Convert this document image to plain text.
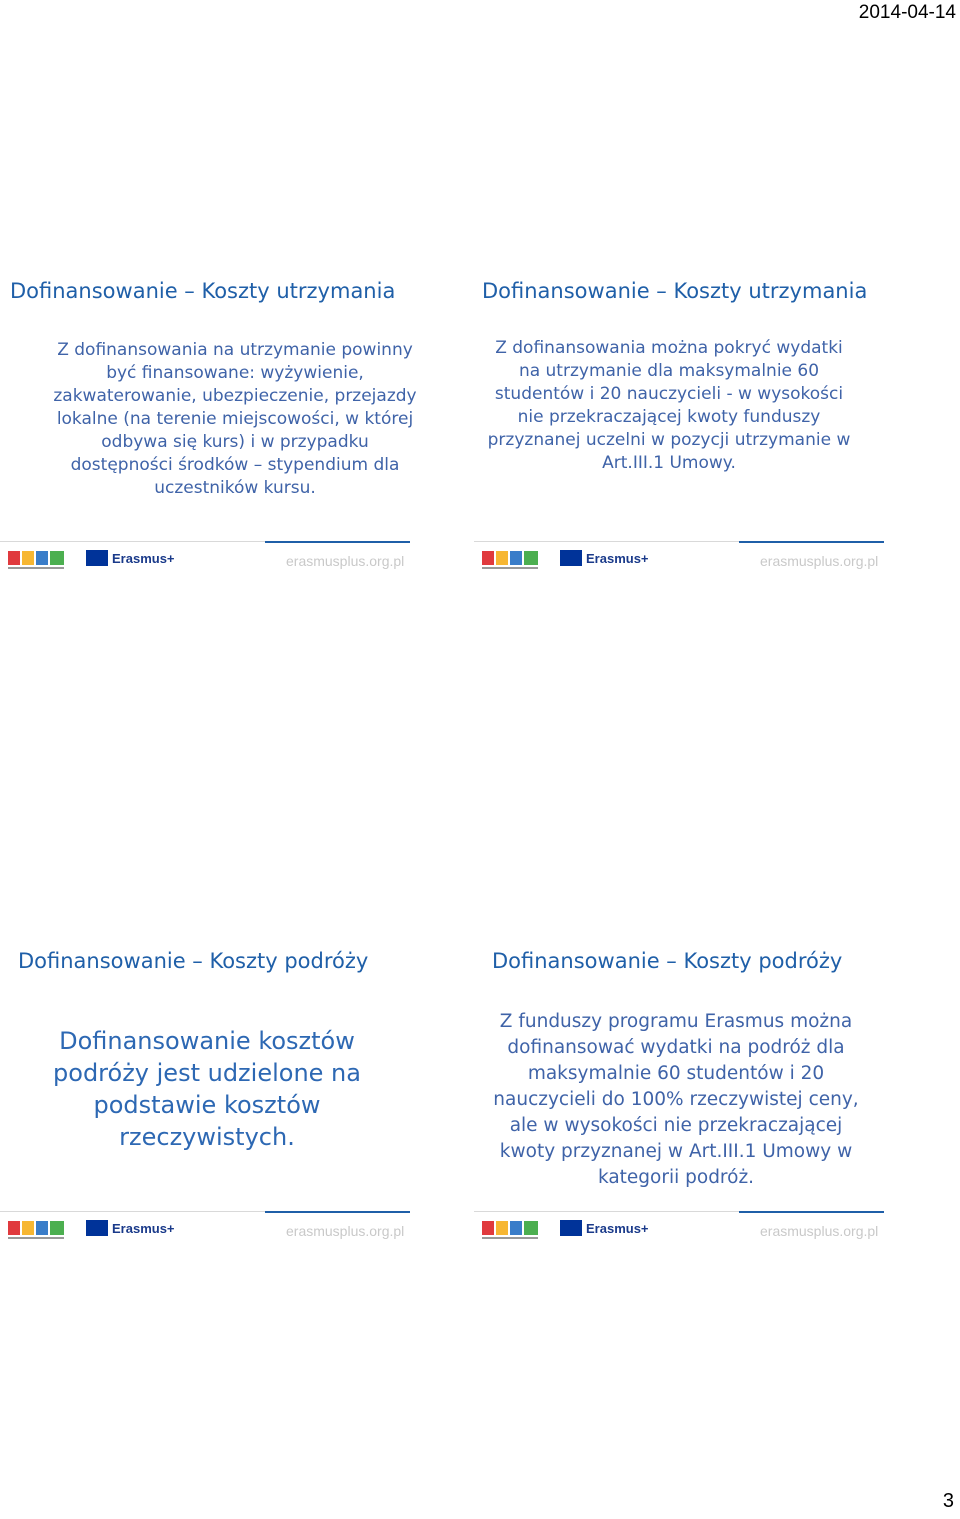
2014-04-14
Dofinansowanie – Koszty utrzymania
Z dofinansowania na utrzymanie powinny być finansowane: wyżywienie, zakwaterowanie, ubezpieczenie, przejazdy lokalne (na terenie miejscowości, w której odbywa się kurs) i w przypadku dostępności środków – stypendium dla uczestników kursu.
Erasmus+	erasmusplus.org.pl
Dofinansowanie – Koszty utrzymania
Z dofinansowania można pokryć wydatki na utrzymanie dla maksymalnie 60 studentów i 20 nauczycieli - w wysokości nie przekraczającej kwoty funduszy przyznanej uczelni w pozycji utrzymanie w Art.III.1 Umowy.
Erasmus+	erasmusplus.org.pl
Dofinansowanie – Koszty podróży
Dofinansowanie kosztów podróży jest udzielone na podstawie kosztów rzeczywistych.
Erasmus+	erasmusplus.org.pl
Dofinansowanie – Koszty podróży
Z funduszy programu Erasmus można dofinansować wydatki na podróż dla maksymalnie 60 studentów i 20 nauczycieli do 100% rzeczywistej ceny, ale w wysokości nie przekraczającej kwoty przyznanej w Art.III.1 Umowy w kategorii podróż.
Erasmus+	erasmusplus.org.pl
3
